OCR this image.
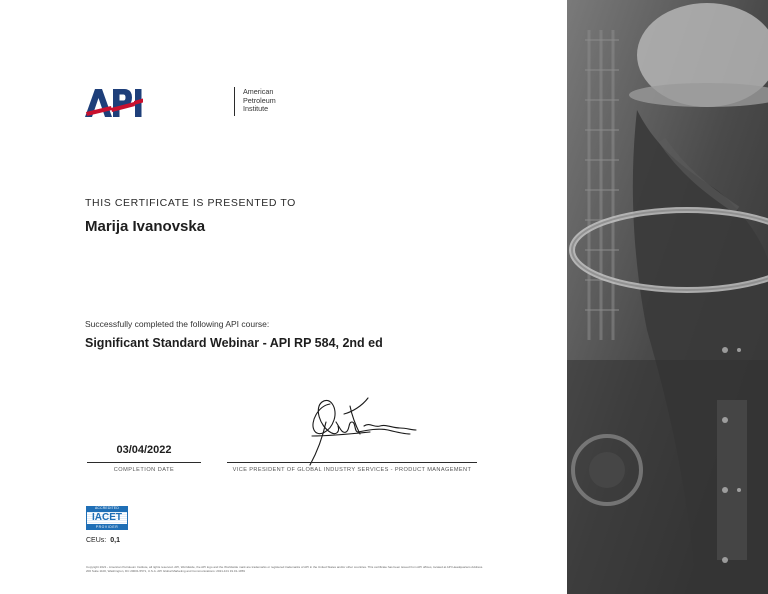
American
Petroleum
Institute
THIS CERTIFICATE IS PRESENTED TO
Marija Ivanovska
Successfully completed the following API course:
Significant Standard Webinar - API RP 584, 2nd ed
03/04/2022
COMPLETION DATE	VICE PRESIDENT OF GLOBAL INDUSTRY SERVICES - PRODUCT MANAGEMENT
ACCREDITED
IACET
PROVIDER
CEUs: 0,1
Copyright 2021 - American Petroleum Institute, all rights reserved. API, Worldwide, the API logo and the Worldwide mark are trademarks or registered trademarks of API in the United States and/or other countries. This certificate has been issued from API offices, located at API Headquarters Address. 200 Suite 1100, Washington, DC 20001-5571, U.S.A. API Global Marketing and Communications: 2021-101 19.01-1959
